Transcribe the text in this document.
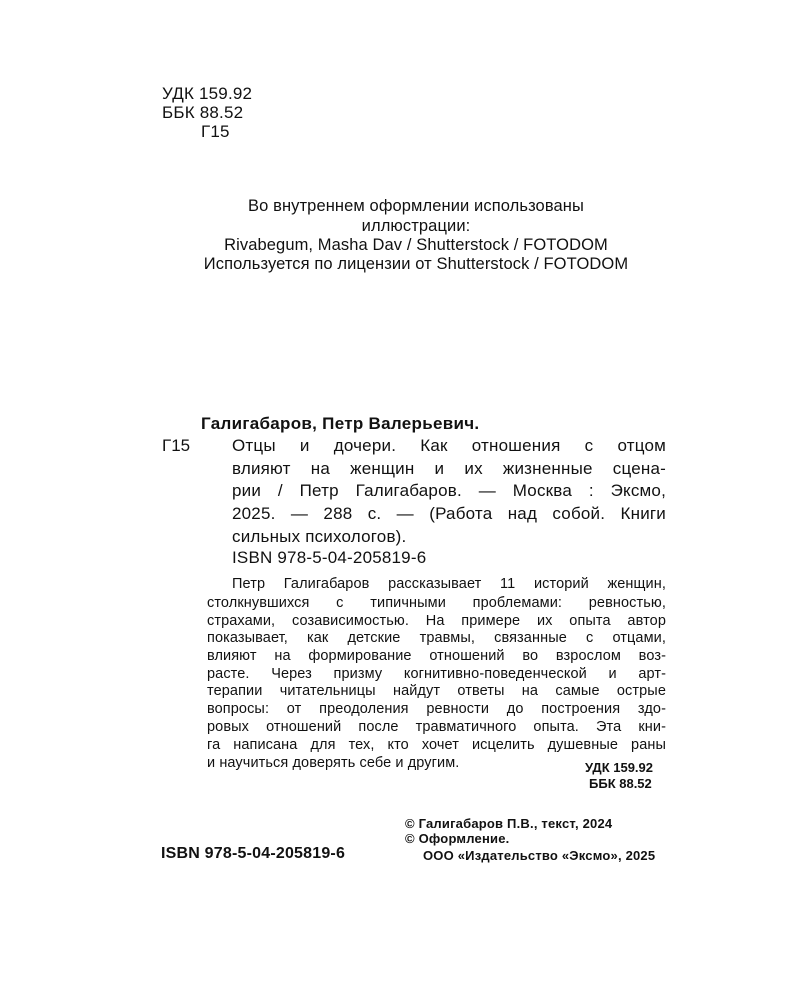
УДК 159.92
ББК 88.52
Г15
Во внутреннем оформлении использованы
иллюстрации:
Rivabegum, Masha Dav / Shutterstock / FOTODOM
Используется по лицензии от Shutterstock / FOTODOM
Галигабаров, Петр Валерьевич.
Г15 Отцы и дочери. Как отношения с отцом
влияют на женщин и их жизненные сцена-
рии / Петр Галигабаров. — Москва : Эксмо,
2025. — 288 с. — (Работа над собой. Книги
сильных психологов).
ISBN 978-5-04-205819-6
Петр Галигабаров рассказывает 11 историй женщин,
столкнувшихся с типичными проблемами: ревностью,
страхами, созависимостью. На примере их опыта автор
показывает, как детские травмы, связанные с отцами,
влияют на формирование отношений во взрослом воз-
расте. Через призму когнитивно-поведенческой и арт-
терапии читательницы найдут ответы на самые острые
вопросы: от преодоления ревности до построения здо-
ровых отношений после травматичного опыта. Эта кни-
га написана для тех, кто хочет исцелить душевные раны
и научиться доверять себе и другим.	УДК 159.92
ББК 88.52
© Галигабаров П.В., текст, 2024
© Оформление.
ООО «Издательство «Эксмо», 2025
ISBN 978-5-04-205819-6
